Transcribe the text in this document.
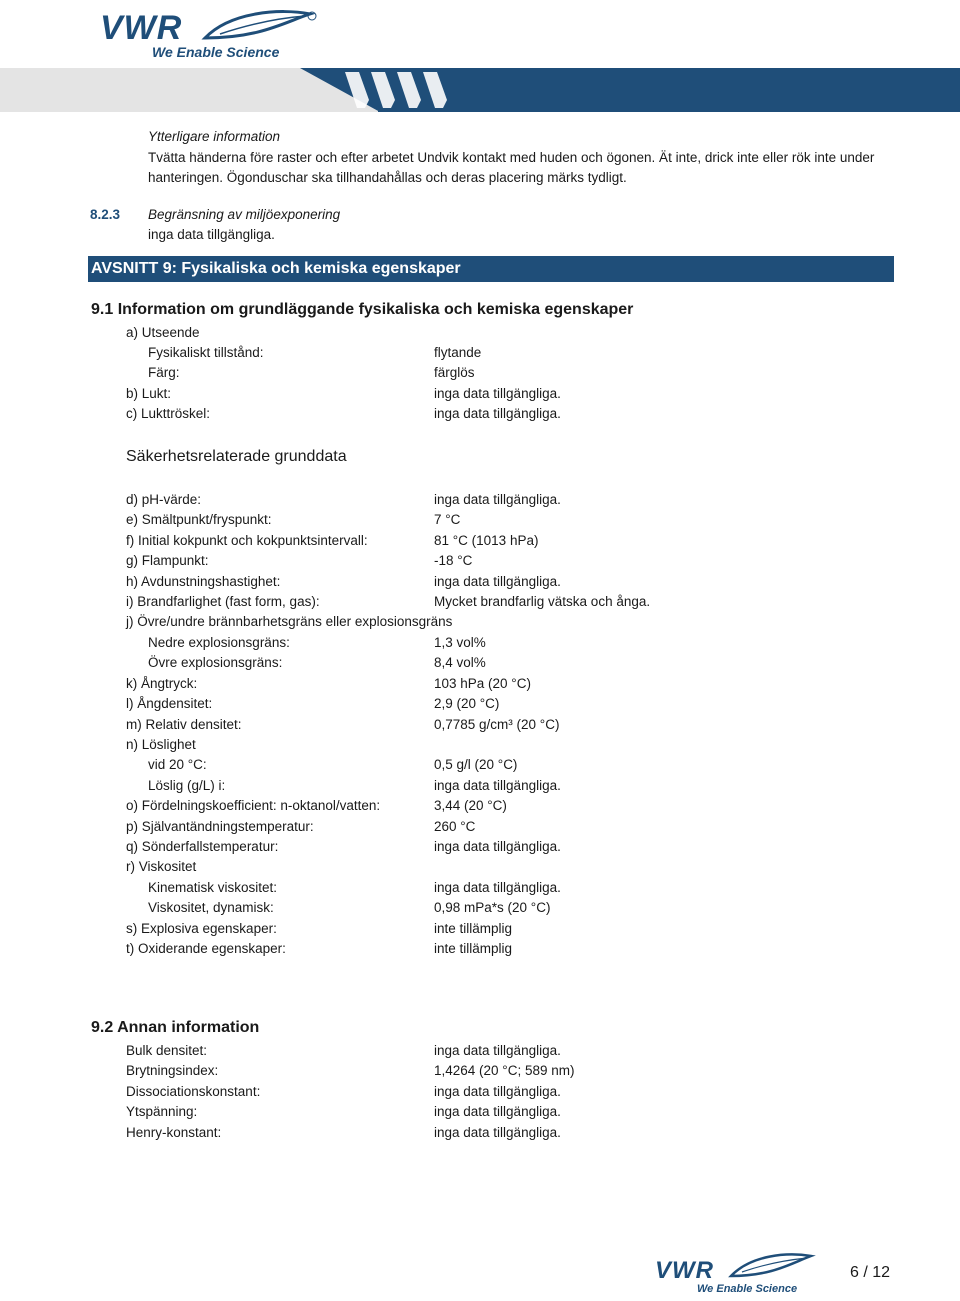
VWR
We Enable Science
Ytterligare information
Tvätta händerna före raster och efter arbetet Undvik kontakt med huden och ögonen. Ät inte, drick inte eller rök inte under
hanteringen. Ögonduschar ska tillhandahållas och deras placering märks tydligt.
8.2.3 Begränsning av miljöexponering
inga data tillgängliga.
AVSNITT 9: Fysikaliska och kemiska egenskaper
9.1 Information om grundläggande fysikaliska och kemiska egenskaper
a) Utseende
Fysikaliskt tillstånd:	flytande
Färg:	färglös
b) Lukt:	inga data tillgängliga.
c) Lukttröskel:	inga data tillgängliga.
Säkerhetsrelaterade grunddata
d) pH-värde:	inga data tillgängliga.
e) Smältpunkt/fryspunkt:	7 °C
f) Initial kokpunkt och kokpunktsintervall:	81 °C (1013 hPa)
g) Flampunkt:	-18 °C
h) Avdunstningshastighet:	inga data tillgängliga.
i) Brandfarlighet (fast form, gas):	Mycket brandfarlig vätska och ånga.
j) Övre/undre brännbarhetsgräns eller explosionsgräns
Nedre explosionsgräns:	1,3 vol%
Övre explosionsgräns:	8,4 vol%
k) Ångtryck:	103 hPa (20 °C)
l) Ångdensitet:	2,9 (20 °C)
m) Relativ densitet:	0,7785 g/cm³ (20 °C)
n) Löslighet
vid 20 °C:	0,5 g/l (20 °C)
Löslig (g/L) i:	inga data tillgängliga.
o) Fördelningskoefficient: n-oktanol/vatten:	3,44 (20 °C)
p) Självantändningstemperatur:	260 °C
q) Sönderfallstemperatur:	inga data tillgängliga.
r) Viskositet
Kinematisk viskositet:	inga data tillgängliga.
Viskositet, dynamisk:	0,98 mPa*s (20 °C)
s) Explosiva egenskaper:	inte tillämplig
t) Oxiderande egenskaper:	inte tillämplig
9.2 Annan information
Bulk densitet:	inga data tillgängliga.
Brytningsindex:	1,4264 (20 °C; 589 nm)
Dissociationskonstant:	inga data tillgängliga.
Ytspänning:	inga data tillgängliga.
Henry-konstant:	inga data tillgängliga.
VWR
We Enable Science
6 / 12
